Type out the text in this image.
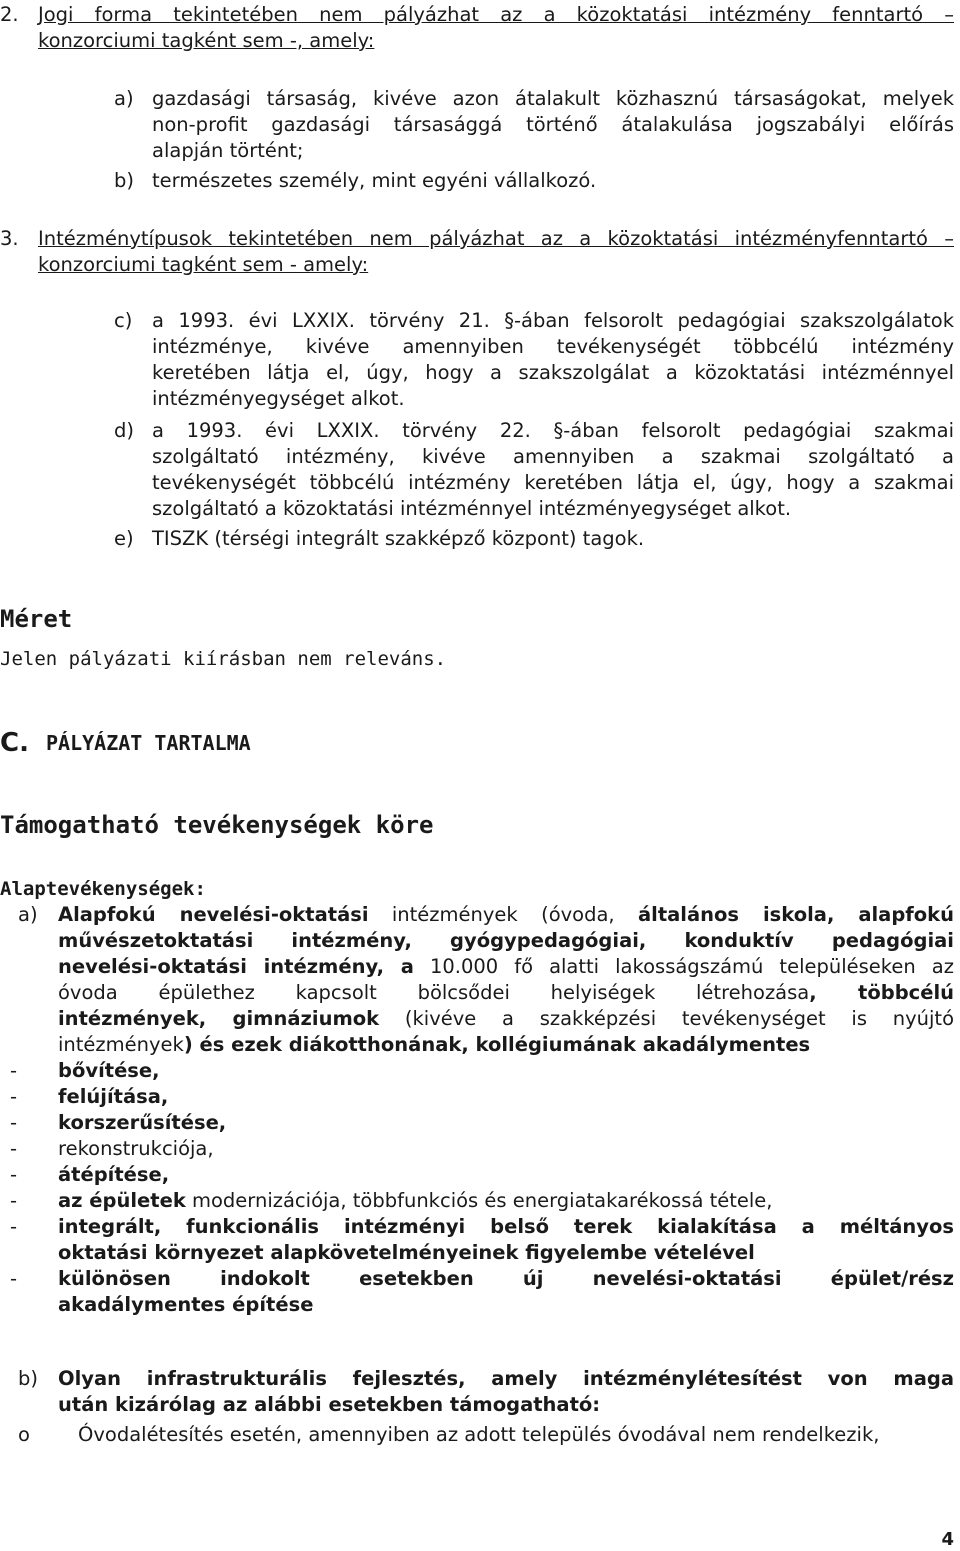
2. Jogi forma tekintetében nem pályázhat az a közoktatási intézmény fenntartó –
konzorciumi tagként sem -, amely:
a) gazdasági társaság, kivéve azon átalakult közhasznú társaságokat, melyek
non-profit gazdasági társasággá történő átalakulása jogszabályi előírás
alapján történt;
b) természetes személy, mint egyéni vállalkozó.
3. Intézménytípusok tekintetében nem pályázhat az a közoktatási intézményfenntartó –
konzorciumi tagként sem - amely:
c) a 1993. évi LXXIX. törvény 21. §-ában felsorolt pedagógiai szakszolgálatok
intézménye, kivéve amennyiben tevékenységét többcélú intézmény
keretében látja el, úgy, hogy a szakszolgálat a közoktatási intézménnyel
intézményegységet alkot.
d) a 1993. évi LXXIX. törvény 22. §-ában felsorolt pedagógiai szakmai
szolgáltató intézmény, kivéve amennyiben a szakmai szolgáltató a
tevékenységét többcélú intézmény keretében látja el, úgy, hogy a szakmai
szolgáltató a közoktatási intézménnyel intézményegységet alkot.
e) TISZK (térségi integrált szakképző központ) tagok.
Méret
Jelen pályázati kiírásban nem releváns.
C. PÁLYÁZAT TARTALMA
Támogatható tevékenységek köre
Alaptevékenységek:
a) Alapfokú nevelési-oktatási intézmények (óvoda, általános iskola, alapfokú
művészetoktatási intézmény, gyógypedagógiai, konduktív pedagógiai
nevelési-oktatási intézmény, a 10.000 fő alatti lakosságszámú településeken az
óvoda épülethez kapcsolt bölcsődei helyiségek létrehozása, többcélú
intézmények, gimnáziumok (kivéve a szakképzési tevékenységet is nyújtó
intézmények) és ezek diákotthonának, kollégiumának akadálymentes
- bővítése,
- felújítása,
- korszerűsítése,
- rekonstrukciója,
- átépítése,
- az épületek modernizációja, többfunkciós és energiatakarékossá tétele,
- integrált, funkcionális intézményi belső terek kialakítása a méltányos
oktatási környezet alapkövetelményeinek figyelembe vételével
- különösen indokolt esetekben új nevelési-oktatási épület/rész
akadálymentes építése
b) Olyan infrastrukturális fejlesztés, amely intézménylétesítést von maga
után kizárólag az alábbi esetekben támogatható:
o Óvodalétesítés esetén, amennyiben az adott település óvodával nem rendelkezik,
4
